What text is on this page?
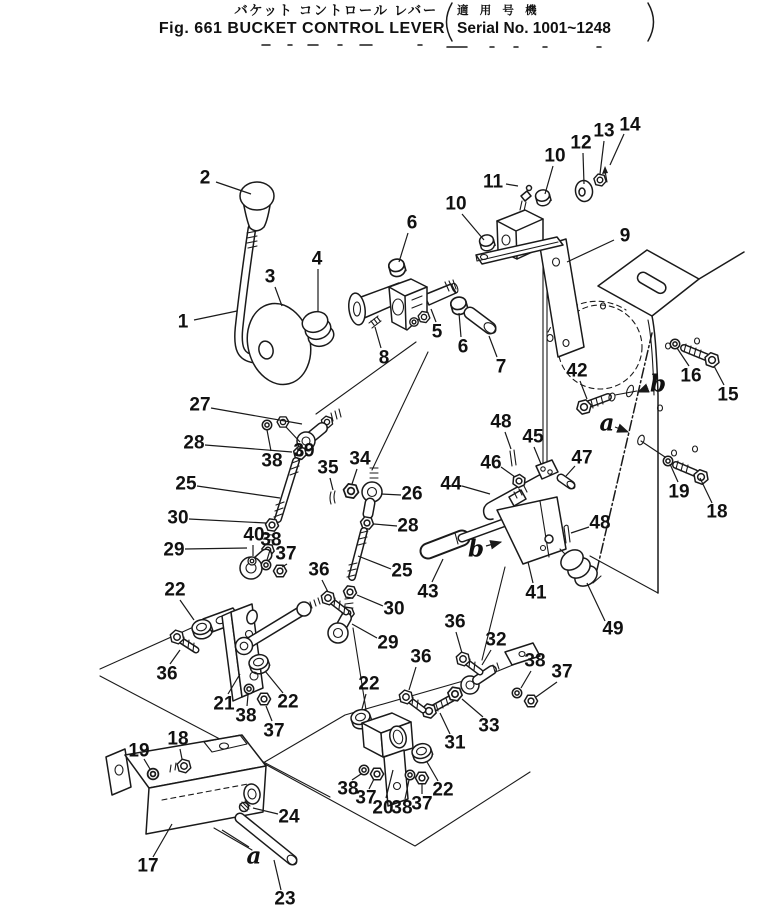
バケット コントロール レバー
Fig. 661 BUCKET CONTROL LEVER
適 用 号 機
Serial No. 1001~1248
2
1
3
4
6
5
6
7
8
9
10
11
10
12
13 14
16
15
42
19
18
47
48
45
46
44
43	41
48
49
27
28
38 39
25
30
29
40
38
37
35 34
26
28
25
36
30
29
22
36
21
38
37
22
19
18
36
32
38
37
36
22
33
31
38
37
20
38
37
22
17
24
23
b
a
b
a
